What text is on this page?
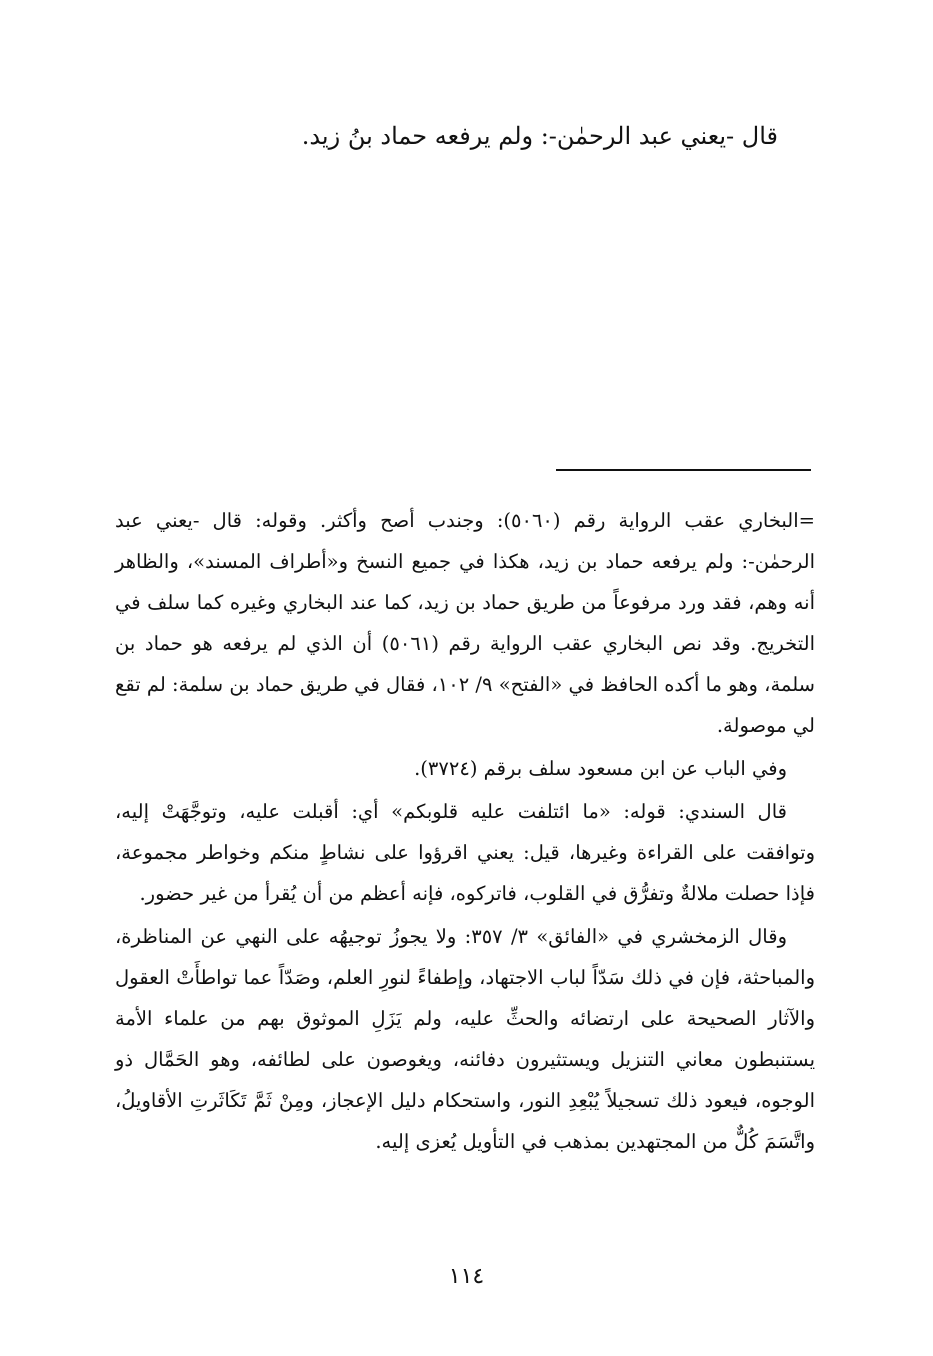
قال -يعني عبد الرحمٰن-: ولم يرفعه حماد بنُ زيد.

=البخاري عقب الرواية رقم (٥٠٦٠): وجندب أصح وأكثر. وقوله: قال -يعني عبد الرحمٰن-: ولم يرفعه حماد بن زيد، هكذا في جميع النسخ و«أطراف المسند»، والظاهر أنه وهم، فقد ورد مرفوعاً من طريق حماد بن زيد، كما عند البخاري وغيره كما سلف في التخريج. وقد نص البخاري عقب الرواية رقم (٥٠٦١) أن الذي لم يرفعه هو حماد بن سلمة، وهو ما أكده الحافظ في «الفتح» ٩/ ١٠٢، فقال في طريق حماد بن سلمة: لم تقع لي موصولة.

وفي الباب عن ابن مسعود سلف برقم (٣٧٢٤).

قال السندي: قوله: «ما ائتلفت عليه قلوبكم» أي: أقبلت عليه، وتوجَّهَتْ إليه، وتوافقت على القراءة وغيرها، قيل: يعني اقرؤوا على نشاطٍ منكم وخواطر مجموعة، فإذا حصلت ملالةٌ وتفرُّق في القلوب، فاتركوه، فإنه أعظم من أن يُقرأ من غير حضور.

وقال الزمخشري في «الفائق» ٣/ ٣٥٧: ولا يجوزُ توجيهُه على النهي عن المناظرة، والمباحثة، فإن في ذلك سَدّاً لباب الاجتهاد، وإطفاءً لنورِ العلم، وصَدّاً عما تواطأَتْ العقول والآثار الصحيحة على ارتضائه والحثِّ عليه، ولم يَزَلِ الموثوق بهم من علماء الأمة يستنبطون معاني التنزيل ويستثيرون دفائنه، ويغوصون على لطائفه، وهو الحَمَّال ذو الوجوه، فيعود ذلك تسجيلاً يُبْعِدِ النور، واستحكام دليل الإعجاز، ومِنْ ثَمَّ تَكَاثَرتِ الأقاويلُ، واتَّسَمَ كُلٌّ من المجتهدين بمذهب في التأويل يُعزى إليه.

١١٤
